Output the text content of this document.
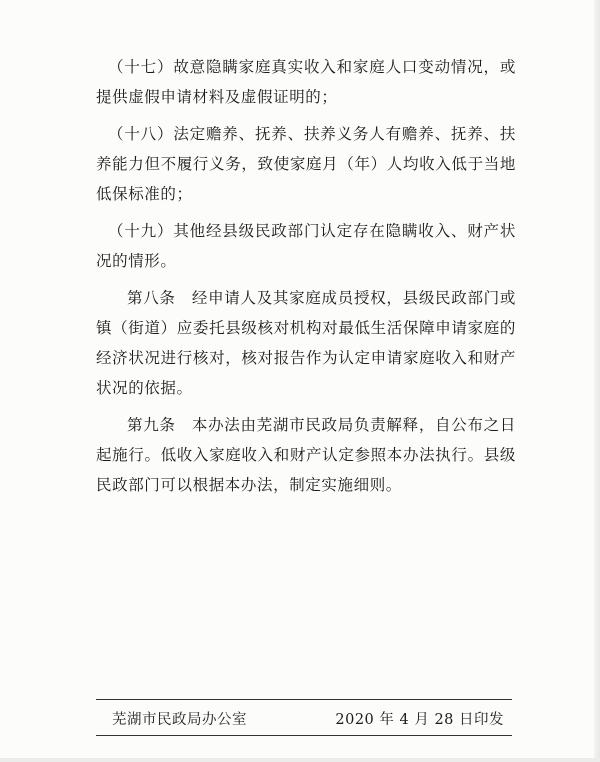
（十七）故意隐瞒家庭真实收入和家庭人口变动情况，或提供虚假申请材料及虚假证明的；

（十八）法定赡养、抚养、扶养义务人有赡养、抚养、扶养能力但不履行义务，致使家庭月（年）人均收入低于当地低保标准的；

（十九）其他经县级民政部门认定存在隐瞒收入、财产状况的情形。

第八条　经申请人及其家庭成员授权，县级民政部门或镇（街道）应委托县级核对机构对最低生活保障申请家庭的经济状况进行核对，核对报告作为认定申请家庭收入和财产状况的依据。

第九条　本办法由芜湖市民政局负责解释，自公布之日起施行。低收入家庭收入和财产认定参照本办法执行。县级民政部门可以根据本办法，制定实施细则。

芜湖市民政局办公室	2020 年 4 月 28 日印发
